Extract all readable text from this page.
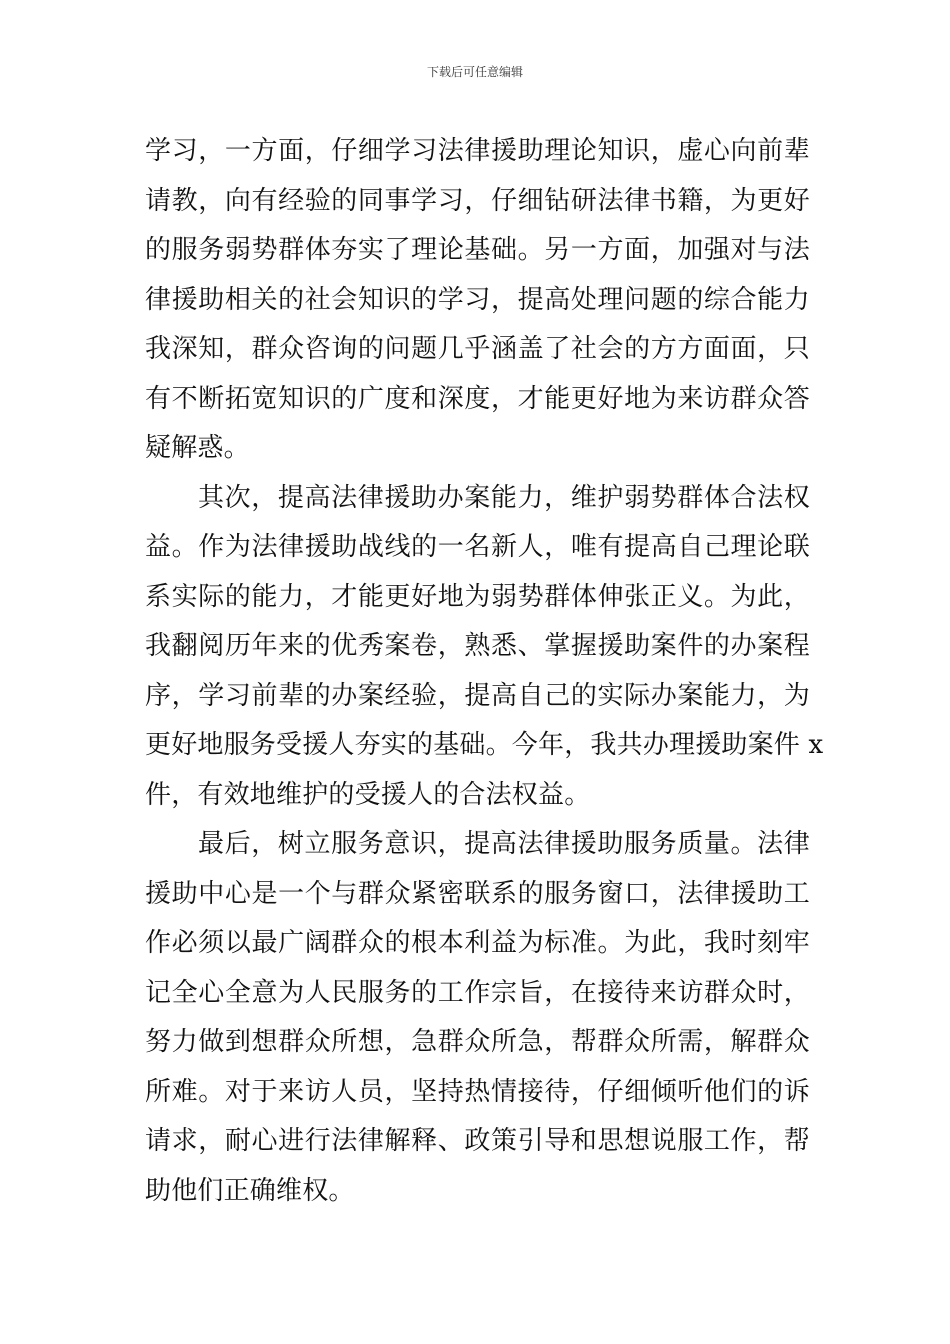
下载后可任意编辑
学习，一方面，仔细学习法律援助理论知识，虚心向前辈
请教，向有经验的同事学习，仔细钻研法律书籍，为更好
的服务弱势群体夯实了理论基础。另一方面，加强对与法
律援助相关的社会知识的学习，提高处理问题的综合能力
我深知，群众咨询的问题几乎涵盖了社会的方方面面，只
有不断拓宽知识的广度和深度，才能更好地为来访群众答
疑解惑。
其次，提高法律援助办案能力，维护弱势群体合法权
益。作为法律援助战线的一名新人，唯有提高自己理论联
系实际的能力，才能更好地为弱势群体伸张正义。为此，
我翻阅历年来的优秀案卷，熟悉、掌握援助案件的办案程
序，学习前辈的办案经验，提高自己的实际办案能力，为
更好地服务受援人夯实的基础。今年，我共办理援助案件 x
件，有效地维护的受援人的合法权益。
最后，树立服务意识，提高法律援助服务质量。法律
援助中心是一个与群众紧密联系的服务窗口，法律援助工
作必须以最广阔群众的根本利益为标准。为此，我时刻牢
记全心全意为人民服务的工作宗旨，在接待来访群众时，
努力做到想群众所想，急群众所急，帮群众所需，解群众
所难。对于来访人员，坚持热情接待，仔细倾听他们的诉
请求，耐心进行法律解释、政策引导和思想说服工作，帮
助他们正确维权。
